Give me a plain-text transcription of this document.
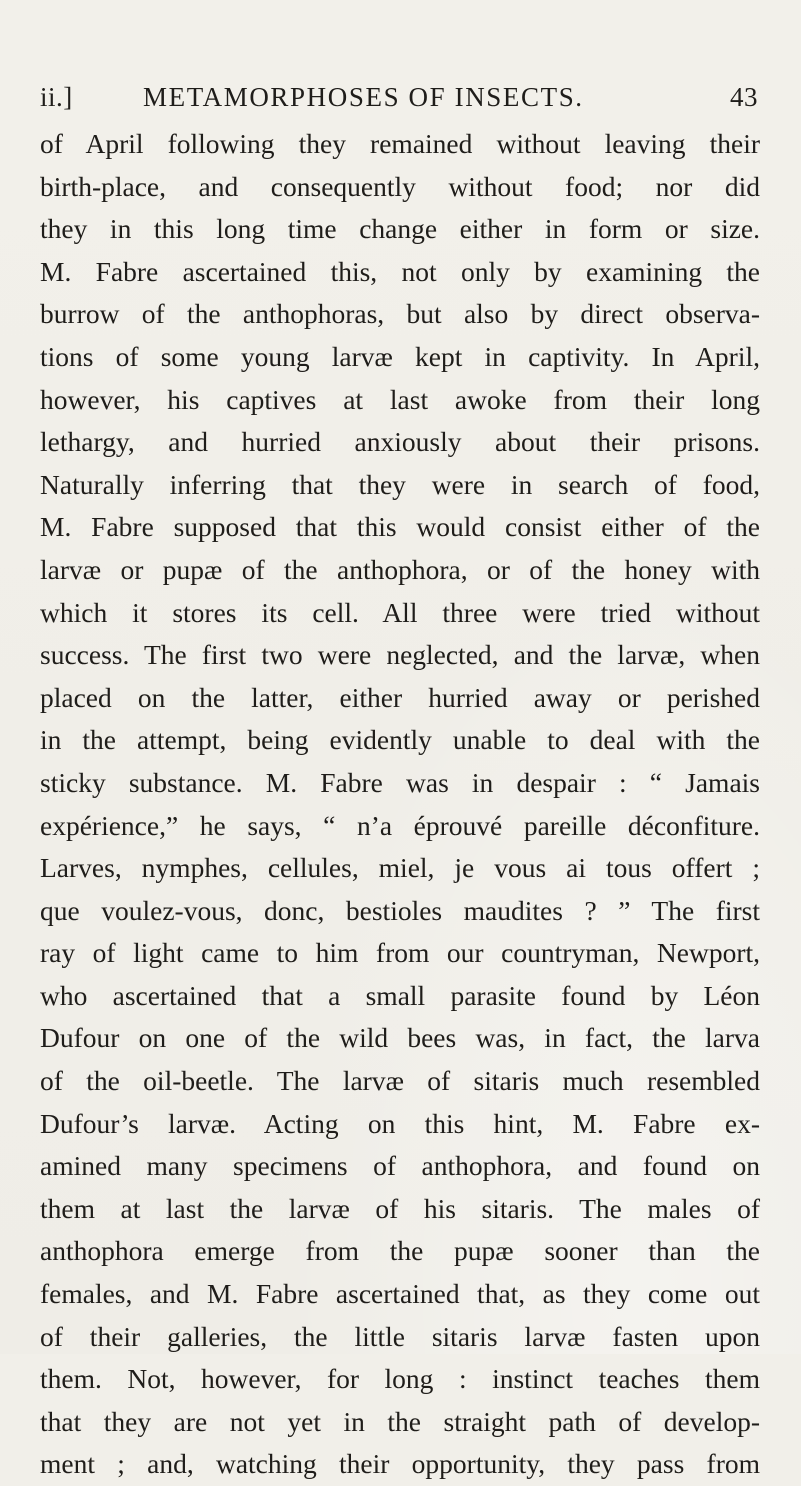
ii.]	METAMORPHOSES OF INSECTS.	43
of April following they remained without leaving their
birth-place, and consequently without food; nor did
they in this long time change either in form or size.
M. Fabre ascertained this, not only by examining the
burrow of the anthophoras, but also by direct observa-
tions of some young larvæ kept in captivity. In April,
however, his captives at last awoke from their long
lethargy, and hurried anxiously about their prisons.
Naturally inferring that they were in search of food,
M. Fabre supposed that this would consist either of the
larvæ or pupæ of the anthophora, or of the honey with
which it stores its cell. All three were tried without
success. The first two were neglected, and the larvæ, when
placed on the latter, either hurried away or perished
in the attempt, being evidently unable to deal with the
sticky substance. M. Fabre was in despair : “ Jamais
expérience,” he says, “ n’a éprouvé pareille déconfiture.
Larves, nymphes, cellules, miel, je vous ai tous offert ;
que voulez-vous, donc, bestioles maudites ? ” The first
ray of light came to him from our countryman, Newport,
who ascertained that a small parasite found by Léon
Dufour on one of the wild bees was, in fact, the larva
of the oil-beetle. The larvæ of sitaris much resembled
Dufour’s larvæ. Acting on this hint, M. Fabre ex-
amined many specimens of anthophora, and found on
them at last the larvæ of his sitaris. The males of
anthophora emerge from the pupæ sooner than the
females, and M. Fabre ascertained that, as they come out
of their galleries, the little sitaris larvæ fasten upon
them. Not, however, for long : instinct teaches them
that they are not yet in the straight path of develop-
ment ; and, watching their opportunity, they pass from
